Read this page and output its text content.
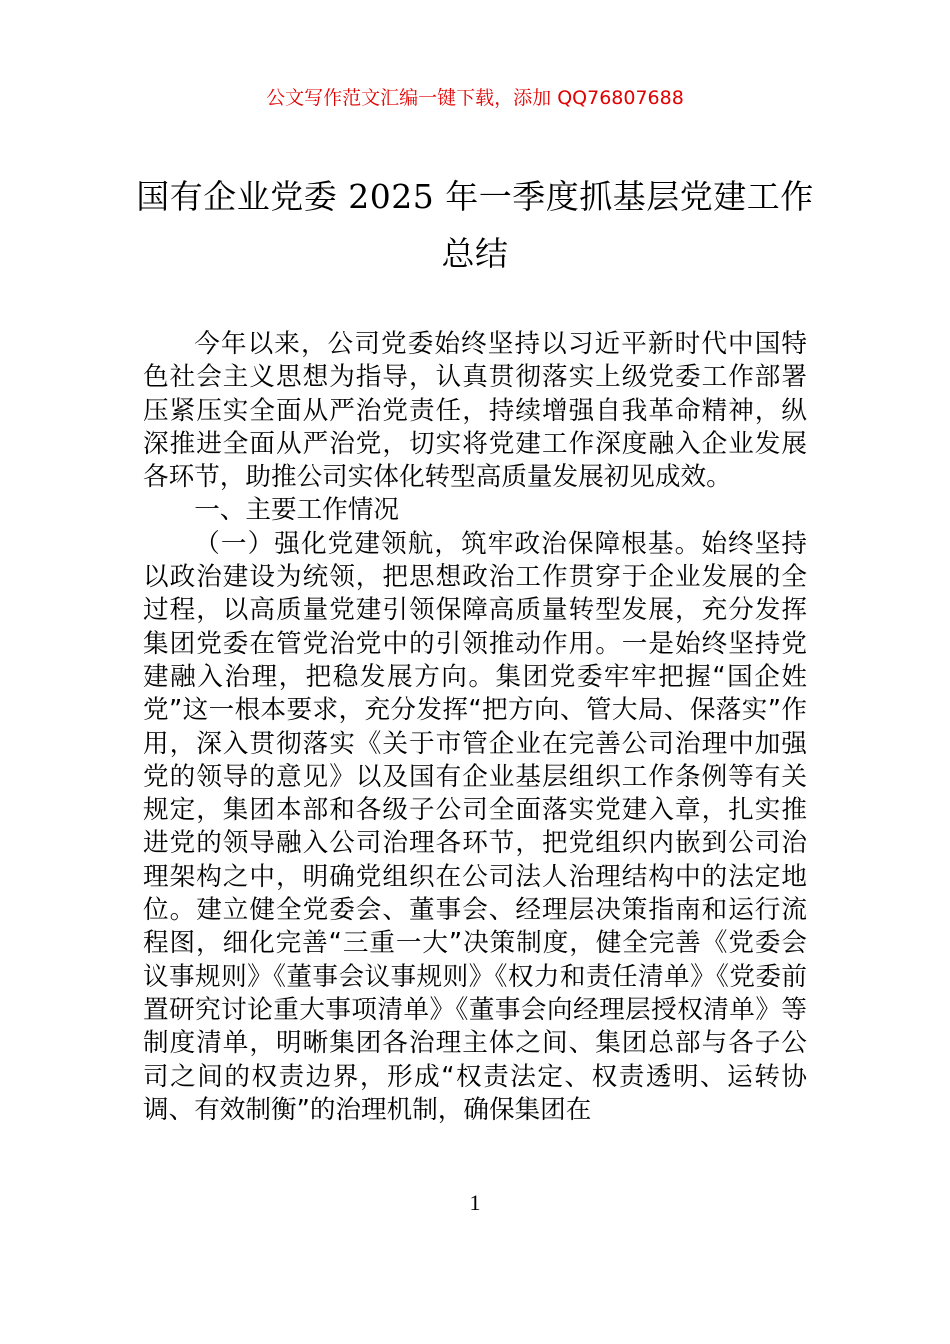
公文写作范文汇编一键下载，添加 QQ76807688
国有企业党委 2025 年一季度抓基层党建工作总结

今年以来，公司党委始终坚持以习近平新时代中国特色社会主义思想为指导，认真贯彻落实上级党委工作部署压紧压实全面从严治党责任，持续增强自我革命精神，纵深推进全面从严治党，切实将党建工作深度融入企业发展各环节，助推公司实体化转型高质量发展初见成效。

一、主要工作情况

（一）强化党建领航，筑牢政治保障根基。始终坚持以政治建设为统领，把思想政治工作贯穿于企业发展的全过程，以高质量党建引领保障高质量转型发展，充分发挥集团党委在管党治党中的引领推动作用。一是始终坚持党建融入治理，把稳发展方向。集团党委牢牢把握“国企姓党”这一根本要求，充分发挥“把方向、管大局、保落实”作用，深入贯彻落实《关于市管企业在完善公司治理中加强党的领导的意见》以及国有企业基层组织工作条例等有关规定，集团本部和各级子公司全面落实党建入章，扎实推进党的领导融入公司治理各环节，把党组织内嵌到公司治理架构之中，明确党组织在公司法人治理结构中的法定地位。建立健全党委会、董事会、经理层决策指南和运行流程图，细化完善“三重一大”决策制度，健全完善《党委会议事规则》《董事会议事规则》《权力和责任清单》《党委前置研究讨论重大事项清单》《董事会向经理层授权清单》等制度清单，明晰集团各治理主体之间、集团总部与各子公司之间的权责边界，形成“权责法定、权责透明、运转协调、有效制衡”的治理机制，确保集团在

1
